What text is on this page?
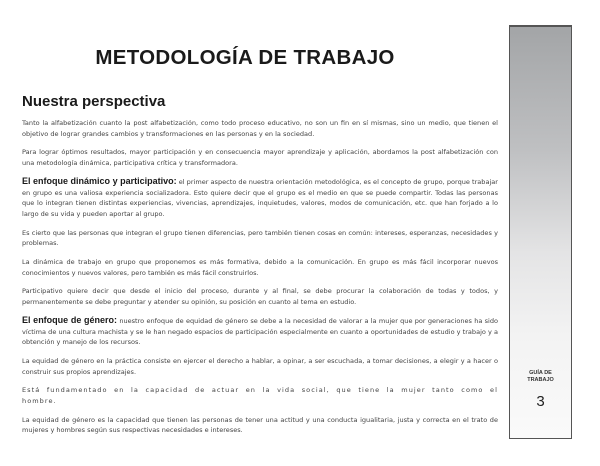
METODOLOGÍA DE TRABAJO
Nuestra perspectiva

Tanto la alfabetización cuanto la post alfabetización, como todo proceso educativo, no son un fin en sí mismas, sino un medio, que tienen el objetivo de lograr grandes cambios y transformaciones en las personas y en la sociedad.

Para lograr óptimos resultados, mayor participación y en consecuencia mayor aprendizaje y aplicación, abordamos la post alfabetización con una metodología dinámica, participativa crítica y transformadora.

El enfoque dinámico y participativo: el primer aspecto de nuestra orientación metodológica, es el concepto de grupo, porque trabajar en grupo es una valiosa experiencia socializadora. Esto quiere decir que el grupo es el medio en que se puede compartir. Todas las personas que lo integran tienen distintas experiencias, vivencias, aprendizajes, inquietudes, valores, modos de comunicación, etc. que han forjado a lo largo de su vida y pueden aportar al grupo.

Es cierto que las personas que integran el grupo tienen diferencias, pero también tienen cosas en común: intereses, esperanzas, necesidades y problemas.

La dinámica de trabajo en grupo que proponemos es más formativa, debido a la comunicación. En grupo es más fácil incorporar nuevos conocimientos y nuevos valores, pero también es más fácil construirlos.

Participativo quiere decir que desde el inicio del proceso, durante y al final, se debe procurar la colaboración de todas y todos, y permanentemente se debe preguntar y atender su opinión, su posición en cuanto al tema en estudio.

El enfoque de género: nuestro enfoque de equidad de género se debe a la necesidad de valorar a la mujer que por generaciones ha sido víctima de una cultura machista y se le han negado espacios de participación especialmente en cuanto a oportunidades de estudio y trabajo y a obtención y manejo de los recursos.

La equidad de género en la práctica consiste en ejercer el derecho a hablar, a opinar, a ser escuchada, a tomar decisiones, a elegir y a hacer o construir sus propios aprendizajes.

Está fundamentado en la capacidad de actuar en la vida social, que tiene la mujer tanto como el hombre.

La equidad de género es la capacidad que tienen las personas de tener una actitud y una conducta igualitaria, justa y correcta en el trato de mujeres y hombres según sus respectivas necesidades e intereses.

GUÍA DE
TRABAJO
3
